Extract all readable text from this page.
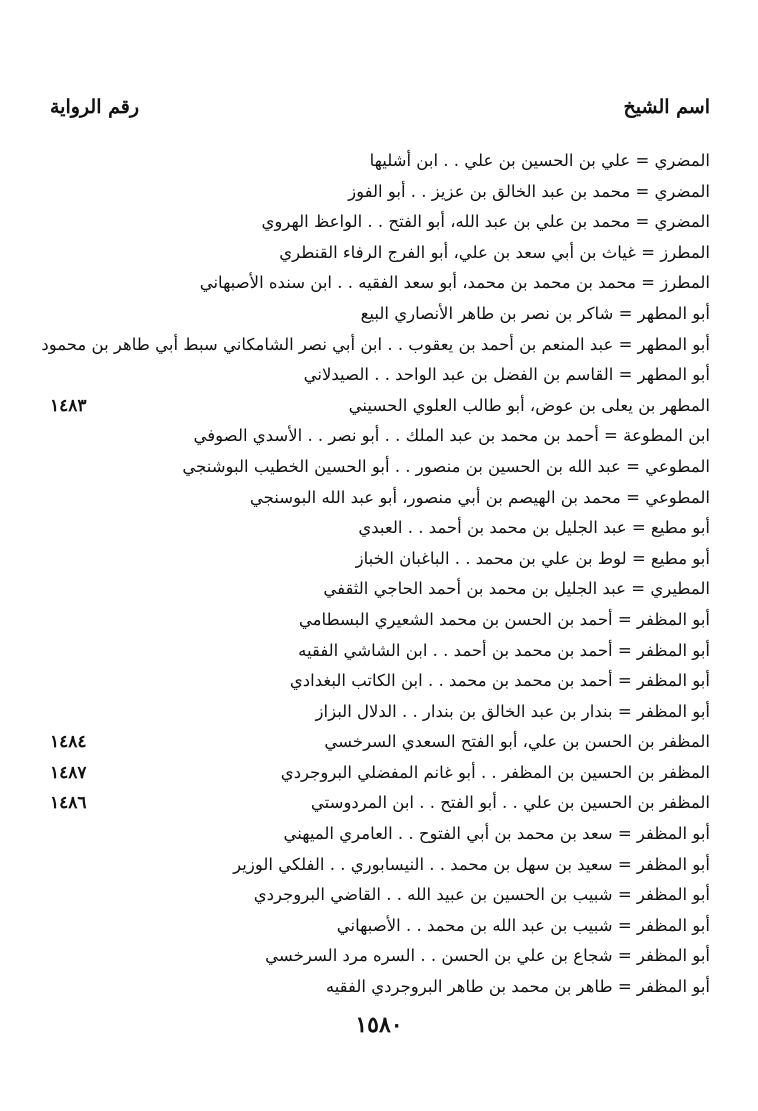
اسم الشيخ
رقم الرواية
المضري = علي بن الحسين بن علي . . ابن أشليها
المضري = محمد بن عبد الخالق بن عزيز . . أبو الفوز
المضري = محمد بن علي بن عبد الله، أبو الفتح . . الواعظ الهروي
المطرز = غياث بن أبي سعد بن علي، أبو الفرج الرفاء القنطري
المطرز = محمد بن محمد بن محمد، أبو سعد الفقيه . . ابن سنده الأصبهاني
أبو المطهر = شاكر بن نصر بن طاهر الأنصاري البيع
أبو المطهر = عبد المنعم بن أحمد بن يعقوب . . ابن أبي نصر الشامكاني سبط أبي طاهر بن محمود
أبو المطهر = القاسم بن الفضل بن عبد الواحد . . الصيدلاني
المطهر بن يعلى بن عوض، أبو طالب العلوي الحسيني
١٤٨٣
ابن المطوعة = أحمد بن محمد بن عبد الملك . . أبو نصر . . الأسدي الصوفي
المطوعي = عبد الله بن الحسين بن منصور . . أبو الحسين الخطيب البوشنجي
المطوعي = محمد بن الهيصم بن أبي منصور، أبو عبد الله البوسنجي
أبو مطيع = عبد الجليل بن محمد بن أحمد . . العبدي
أبو مطيع = لوط بن علي بن محمد . . الباغبان الخباز
المطيري = عبد الجليل بن محمد بن أحمد الحاجي الثقفي
أبو المظفر = أحمد بن الحسن بن محمد الشعيري البسطامي
أبو المظفر = أحمد بن محمد بن أحمد . . ابن الشاشي الفقيه
أبو المظفر = أحمد بن محمد بن محمد . . ابن الكاتب البغدادي
أبو المظفر = بندار بن عبد الخالق بن بندار . . الدلال البزاز
المظفر بن الحسن بن علي، أبو الفتح السعدي السرخسي
١٤٨٤
المظفر بن الحسين بن المظفر . . أبو غانم المفضلي البروجردي
١٤٨٧
المظفر بن الحسين بن علي . . أبو الفتح . . ابن المردوستي
١٤٨٦
أبو المظفر = سعد بن محمد بن أبي الفتوح . . العامري الميهني
أبو المظفر = سعيد بن سهل بن محمد . . النيسابوري . . الفلكي الوزير
أبو المظفر = شبيب بن الحسين بن عبيد الله . . القاضي البروجردي
أبو المظفر = شبيب بن عبد الله بن محمد . . الأصبهاني
أبو المظفر = شجاع بن علي بن الحسن . . السره مرد السرخسي
أبو المظفر = طاهر بن محمد بن طاهر البروجردي الفقيه
١٥٨٠
